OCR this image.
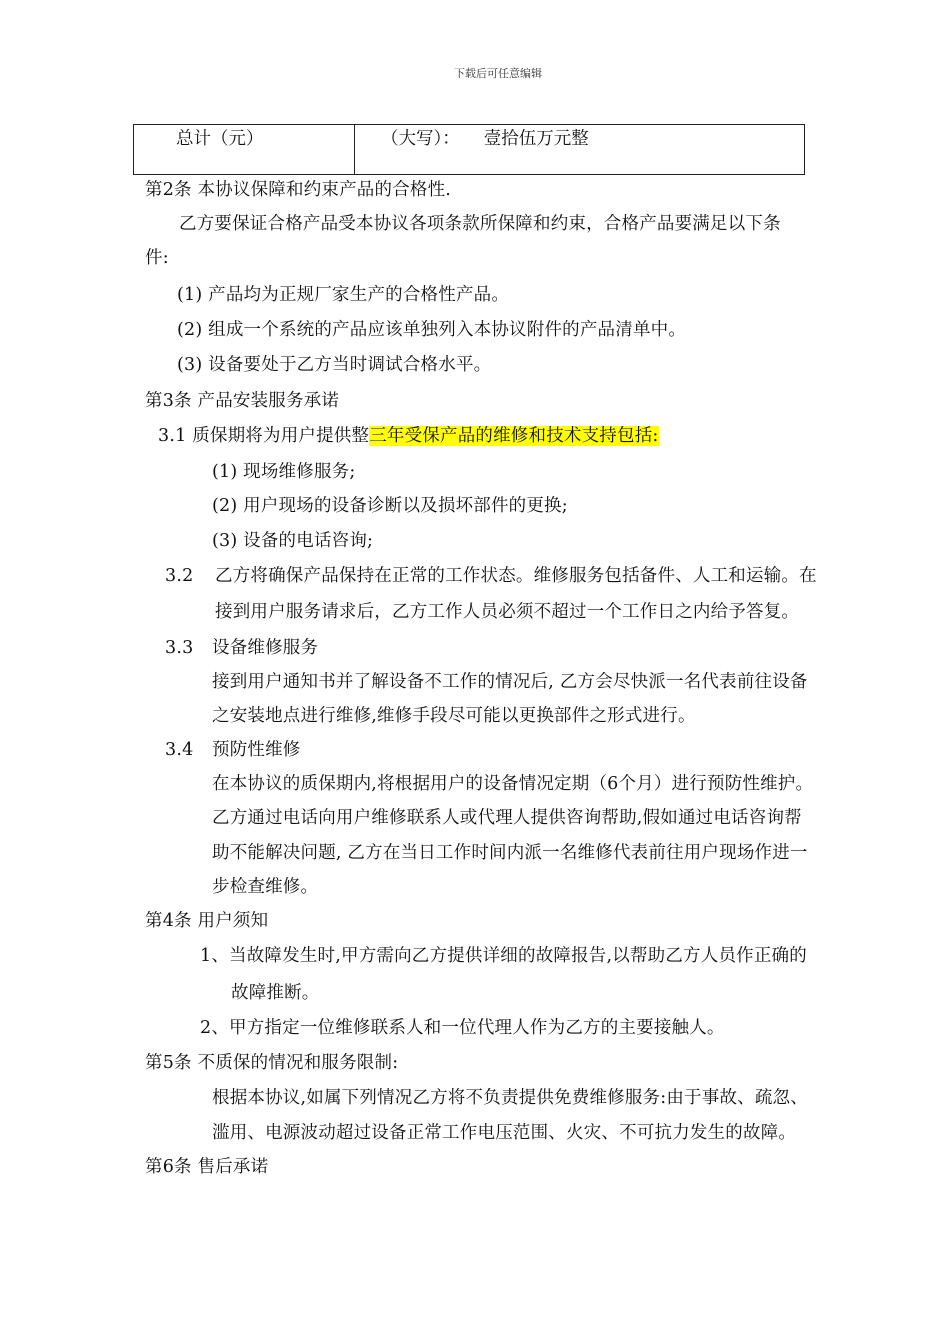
下载后可任意编辑
总计（元）	（大写）： 壹拾伍万元整
第2条 本协议保障和约束产品的合格性.
乙方要保证合格产品受本协议各项条款所保障和约束，合格产品要满足以下条
件:
(1) 产品均为正规厂家生产的合格性产品。
(2) 组成一个系统的产品应该单独列入本协议附件的产品清单中。
(3) 设备要处于乙方当时调试合格水平。
第3条 产品安装服务承诺
3.1 质保期将为用户提供整三年受保产品的维修和技术支持包括:
(1) 现场维修服务;
(2) 用户现场的设备诊断以及损坏部件的更换;
(3) 设备的电话咨询;
3.2 乙方将确保产品保持在正常的工作状态。维修服务包括备件、人工和运输。在
接到用户服务请求后，乙方工作人员必须不超过一个工作日之内给予答复。
3.3 设备维修服务
接到用户通知书并了解设备不工作的情况后, 乙方会尽快派一名代表前往设备
之安装地点进行维修,维修手段尽可能以更换部件之形式进行。
3.4 预防性维修
在本协议的质保期内,将根据用户的设备情况定期（6个月）进行预防性维护。
乙方通过电话向用户维修联系人或代理人提供咨询帮助,假如通过电话咨询帮
助不能解决问题, 乙方在当日工作时间内派一名维修代表前往用户现场作进一
步检查维修。
第4条 用户须知
1、当故障发生时,甲方需向乙方提供详细的故障报告,以帮助乙方人员作正确的
故障推断。
2、甲方指定一位维修联系人和一位代理人作为乙方的主要接触人。
第5条 不质保的情况和服务限制:
根据本协议,如属下列情况乙方将不负责提供免费维修服务:由于事故、疏忽、
滥用、电源波动超过设备正常工作电压范围、火灾、不可抗力发生的故障。
第6条 售后承诺
